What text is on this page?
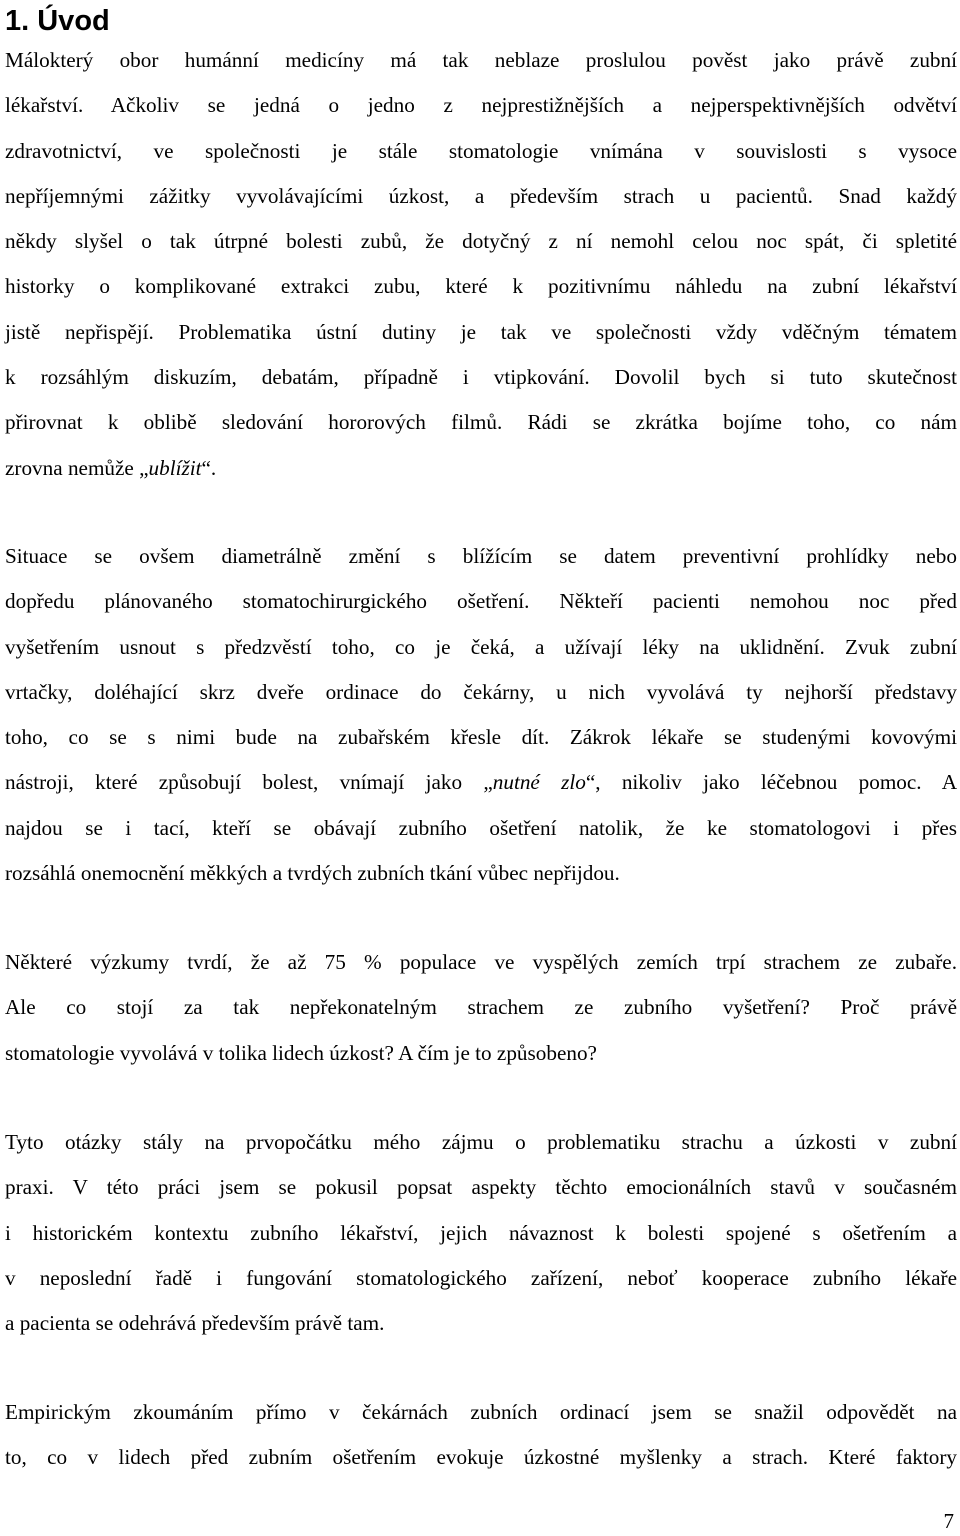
1. Úvod

Málokterý obor humánní medicíny má tak neblaze proslulou pověst jako právě zubní
lékařství. Ačkoliv se jedná o jedno z nejprestižnějších a nejperspektivnějších odvětví
zdravotnictví, ve společnosti je stále stomatologie vnímána v souvislosti s vysoce
nepříjemnými zážitky vyvolávajícími úzkost, a především strach u pacientů. Snad každý
někdy slyšel o tak útrpné bolesti zubů, že dotyčný z ní nemohl celou noc spát, či spletité
historky o komplikované extrakci zubu, které k pozitivnímu náhledu na zubní lékařství
jistě nepřispějí. Problematika ústní dutiny je tak ve společnosti vždy vděčným tématem
k rozsáhlým diskuzím, debatám, případně i vtipkování. Dovolil bych si tuto skutečnost
přirovnat k oblibě sledování hororových filmů. Rádi se zkrátka bojíme toho, co nám
zrovna nemůže „ublížit“.

Situace se ovšem diametrálně změní s blížícím se datem preventivní prohlídky nebo
dopředu plánovaného stomatochirurgického ošetření. Někteří pacienti nemohou noc před
vyšetřením usnout s předzvěstí toho, co je čeká, a užívají léky na uklidnění. Zvuk zubní
vrtačky, doléhající skrz dveře ordinace do čekárny, u nich vyvolává ty nejhorší představy
toho, co se s nimi bude na zubařském křesle dít. Zákrok lékaře se studenými kovovými
nástroji, které způsobují bolest, vnímají jako „nutné zlo“, nikoliv jako léčebnou pomoc. A
najdou se i tací, kteří se obávají zubního ošetření natolik, že ke stomatologovi i přes
rozsáhlá onemocnění měkkých a tvrdých zubních tkání vůbec nepřijdou.

Některé výzkumy tvrdí, že až 75 % populace ve vyspělých zemích trpí strachem ze zubaře.
Ale co stojí za tak nepřekonatelným strachem ze zubního vyšetření? Proč právě
stomatologie vyvolává v tolika lidech úzkost? A čím je to způsobeno?

Tyto otázky stály na prvopočátku mého zájmu o problematiku strachu a úzkosti v zubní
praxi. V této práci jsem se pokusil popsat aspekty těchto emocionálních stavů v současném
i historickém kontextu zubního lékařství, jejich návaznost k bolesti spojené s ošetřením a
v neposlední řadě i fungování stomatologického zařízení, neboť kooperace zubního lékaře
a pacienta se odehrává především právě tam.

Empirickým zkoumáním přímo v čekárnách zubních ordinací jsem se snažil odpovědět na
to, co v lidech před zubním ošetřením evokuje úzkostné myšlenky a strach. Které faktory

7
